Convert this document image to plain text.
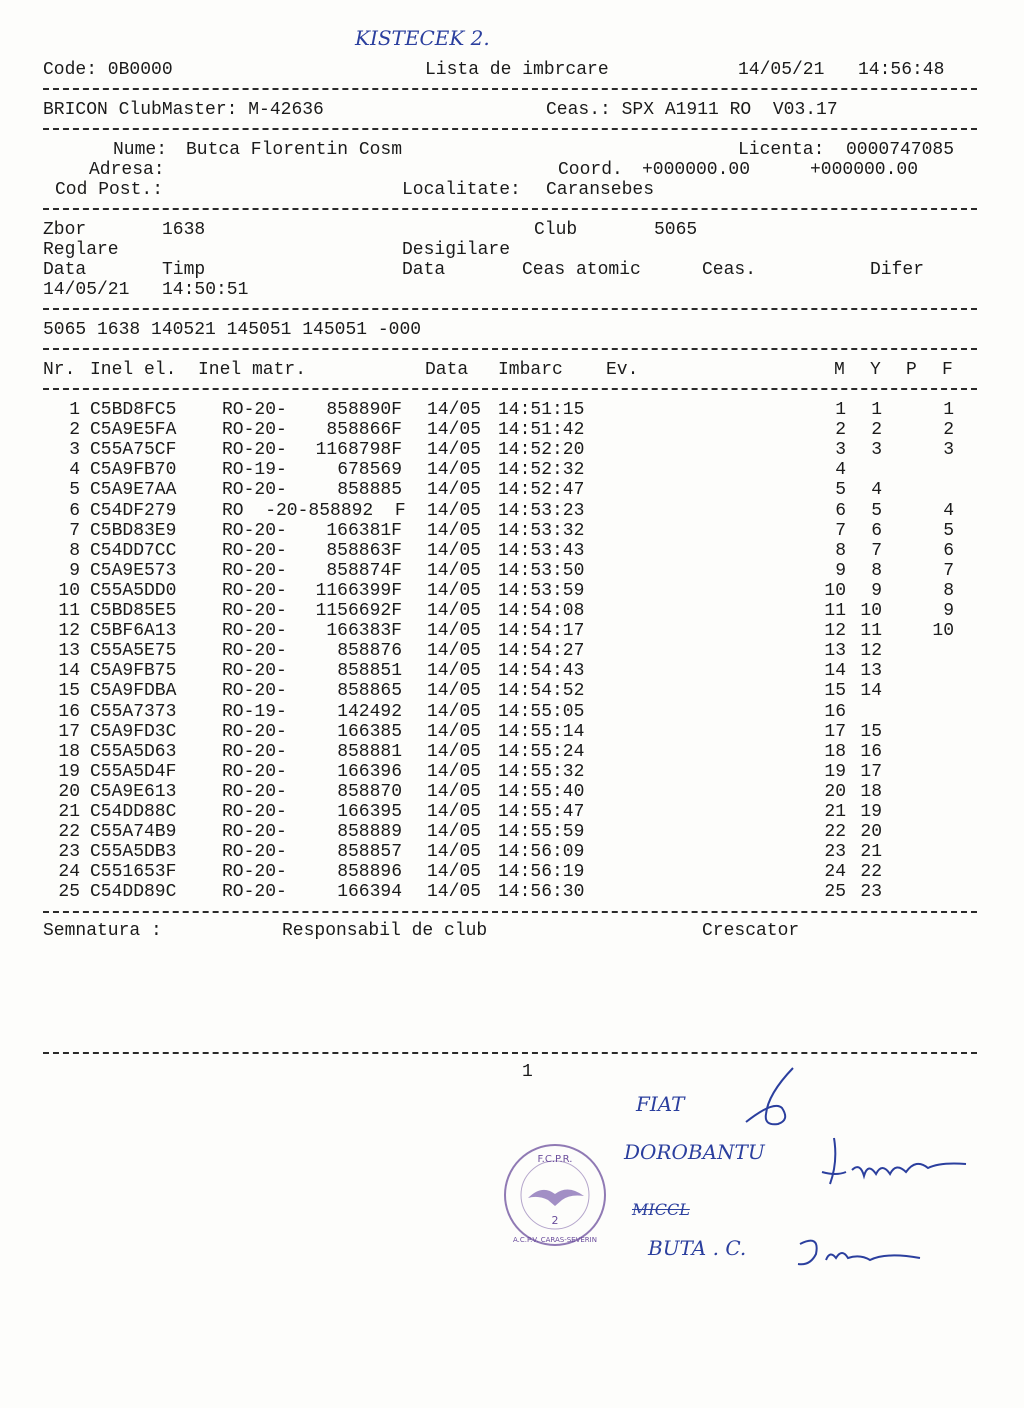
KISTECEK 2.
Code: 0B0000	Lista de imbrcare	14/05/21 14:56:48
BRICON ClubMaster: M-42636	Ceas.: SPX A1911 RO  V03.17
Nume: Butca Florentin Cosm	Licenta: 0000747085
Adresa:	Coord. +000000.00	+000000.00
Cod Post.:	Localitate: Caransebes
Zbor	1638	Club	5065
Reglare	Desigilare
Data	Timp	Data	Ceas atomic	Ceas.	Difer
14/05/21 14:50:51
5065 1638 140521 145051 145051 -000
Nr. Inel el. Inel matr.	Data Imbarc Ev.	M Y P F
1 C5BD8FC5	RO-20- 858890F 14/05 14:51:15	1 1	1
2 C5A9E5FA	RO-20- 858866F 14/05 14:51:42	2 2	2
3 C55A75CF	RO-20- 1168798F 14/05 14:52:20	3 3	3
4 C5A9FB70	RO-19-	678569 14/05 14:52:32	4
5 C5A9E7AA	RO-20-	858885 14/05 14:52:47	5 4
6 C54DF279	RO  -20-858892  F 14/05 14:53:23	6 5	4
7 C5BD83E9	RO-20- 166381F 14/05 14:53:32	7 6	5
8 C54DD7CC	RO-20- 858863F 14/05 14:53:43	8 7	6
9 C5A9E573	RO-20- 858874F 14/05 14:53:50	9 8	7
10 C55A5DD0	RO-20- 1166399F 14/05 14:53:59	10 9	8
11 C5BD85E5	RO-20- 1156692F 14/05 14:54:08	11 10	9
12 C5BF6A13	RO-20- 166383F 14/05 14:54:17	12 11	10
13 C55A5E75	RO-20-	858876 14/05 14:54:27	13 12
14 C5A9FB75	RO-20-	858851 14/05 14:54:43	14 13
15 C5A9FDBA	RO-20-	858865 14/05 14:54:52	15 14
16 C55A7373	RO-19-	142492 14/05 14:55:05	16
17 C5A9FD3C	RO-20-	166385 14/05 14:55:14	17 15
18 C55A5D63	RO-20-	858881 14/05 14:55:24	18 16
19 C55A5D4F	RO-20-	166396 14/05 14:55:32	19 17
20 C5A9E613	RO-20-	858870 14/05 14:55:40	20 18
21 C54DD88C	RO-20-	166395 14/05 14:55:47	21 19
22 C55A74B9	RO-20-	858889 14/05 14:55:59	22 20
23 C55A5DB3	RO-20-	858857 14/05 14:56:09	23 21
24 C551653F	RO-20-	858896 14/05 14:56:19	24 22
25 C54DD89C	RO-20-	166394 14/05 14:56:30	25 23
Semnatura :	Responsabil de club	Crescator
1
2
F.C.P.R.
A.C.P.V. CARAS-SEVERIN
FIAT
DOROBANTU
MICCL
BUTA . C.
